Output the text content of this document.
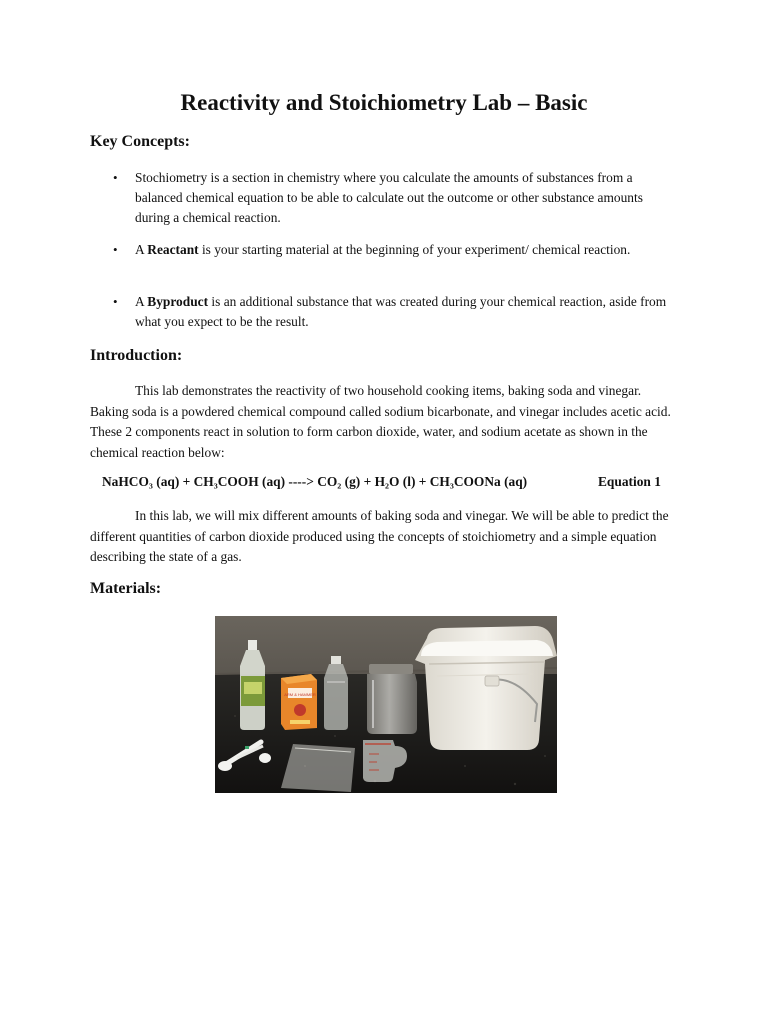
Reactivity and Stoichiometry Lab – Basic
Key Concepts:
• Stochiometry is a section in chemistry where you calculate the amounts of substances from a balanced chemical equation to be able to calculate out the outcome or other substance amounts during a chemical reaction.
• A Reactant is your starting material at the beginning of your experiment/ chemical reaction.
• A Byproduct is an additional substance that was created during your chemical reaction, aside from what you expect to be the result.
Introduction:
This lab demonstrates the reactivity of two household cooking items, baking soda and vinegar. Baking soda is a powdered chemical compound called sodium bicarbonate, and vinegar includes acetic acid. These 2 components react in solution to form carbon dioxide, water, and sodium acetate as shown in the chemical reaction below:
NaHCO₃ (aq) + CH₃COOH (aq) ----> CO₂ (g) + H₂O (l) + CH₃COONa (aq)	Equation 1
In this lab, we will mix different amounts of baking soda and vinegar. We will be able to predict the different quantities of carbon dioxide produced using the concepts of stoichiometry and a simple equation describing the state of a gas.
Materials:
ARM & HAMMER
